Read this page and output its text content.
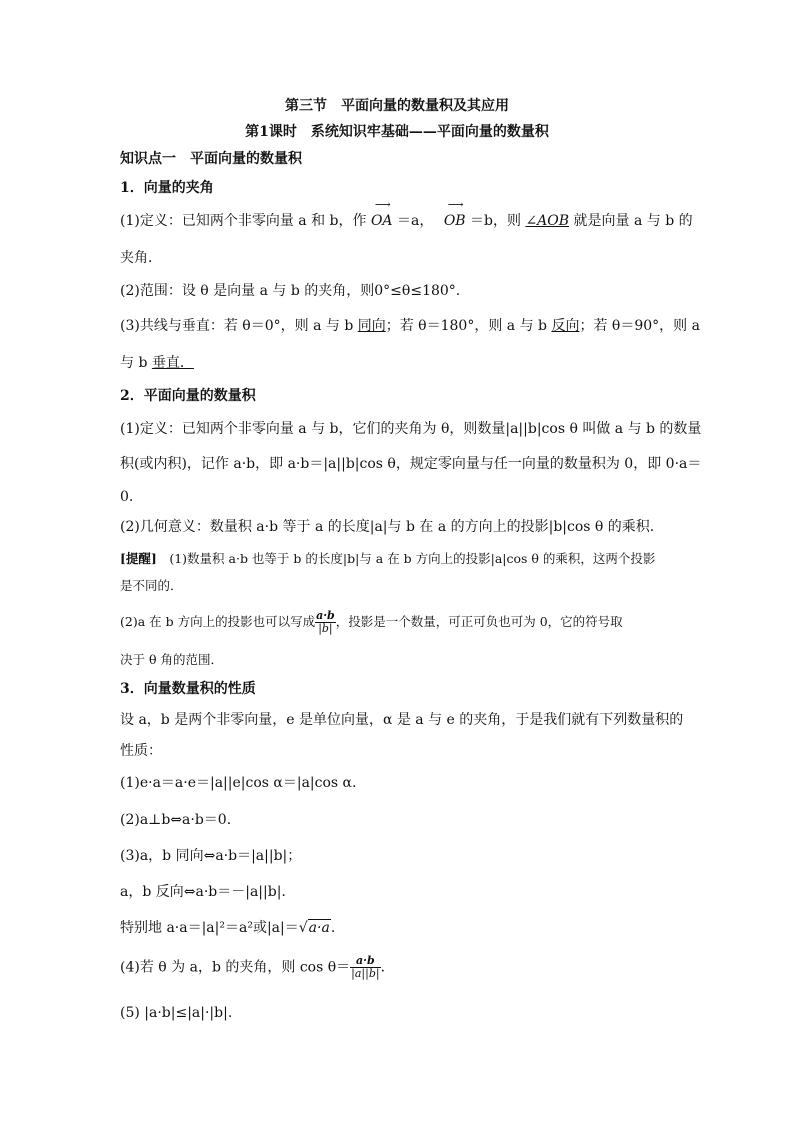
第三节　平面向量的数量积及其应用
第1课时　系统知识牢基础——平面向量的数量积
知识点一　平面向量的数量积
1．向量的夹角
(1)定义：已知两个非零向量 a 和 b，作
⟶
OA ＝a，
⟶
OB ＝b，则 ∠AOB 就是向量 a 与 b 的
夹角．
(2)范围：设 θ 是向量 a 与 b 的夹角，则0°≤θ≤180°.
(3)共线与垂直：若 θ＝0°，则 a 与 b 同向；若 θ＝180°，则 a 与 b 反向；若 θ＝90°，则 a
与 b 垂直．
2．平面向量的数量积
(1)定义：已知两个非零向量 a 与 b，它们的夹角为 θ，则数量|a||b|cos θ 叫做 a 与 b 的数量
积(或内积)，记作 a·b，即 a·b＝|a||b|cos θ，规定零向量与任一向量的数量积为 0，即 0·a＝
0.
(2)几何意义：数量积 a·b 等于 a 的长度|a|与 b 在 a 的方向上的投影|b|cos θ 的乘积．
[提醒]　(1)数量积 a·b 也等于 b 的长度|b|与 a 在 b 方向上的投影|a|cos θ 的乘积，这两个投影
是不同的．
(2)a 在 b 方向上的投影也可以写成 $\frac{a\cdot b}{|b|}$ ，投影是一个数量，可正可负也可为 0，它的符号取
决于 θ 角的范围．
3．向量数量积的性质
设 a，b 是两个非零向量，e 是单位向量，α 是 a 与 e 的夹角，于是我们就有下列数量积的
性质：
(1)e·a＝a·e＝|a||e|cos α＝|a|cos α.
(2)a⊥b⇔a·b＝0.
(3)a，b 同向⇔a·b＝|a||b|；
a，b 反向⇔a·b＝－|a||b|.
特别地 a·a＝|a|²＝a²或|a|＝√a·a.
(4)若 θ 为 a，b 的夹角，则 $\cos \theta= \frac{a\cdot b}{|a||b|}$ .
(5) |a·b|≤|a|·|b|.
